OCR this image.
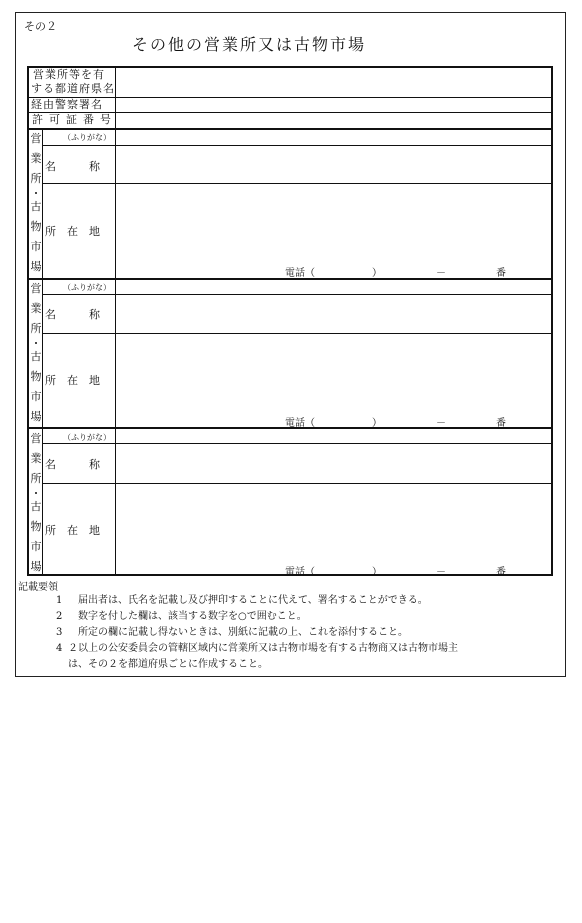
その２
その他の営業所又は古物市場
営業所等を有
する都道府県名
経由警察署名
許可証番号
営
業
所
・
古
物
市
場
（ふりがな）
名　　　称
所　在　地
電話（	）	－	番
営
業
所
・
古
物
市
場
（ふりがな）
名　　　称
所　在　地
電話（	）	－	番
営
業
所
・
古
物
市
場
（ふりがな）
名　　　称
所　在　地
電話（	）	－	番
記載要領
1 届出者は、氏名を記載し及び押印することに代えて、署名することができる。
2 数字を付した欄は、該当する数字を○で囲むこと。
3 所定の欄に記載し得ないときは、別紙に記載の上、これを添付すること。
4 ２以上の公安委員会の管轄区域内に営業所又は古物市場を有する古物商又は古物市場主
は、その２を都道府県ごとに作成すること。
